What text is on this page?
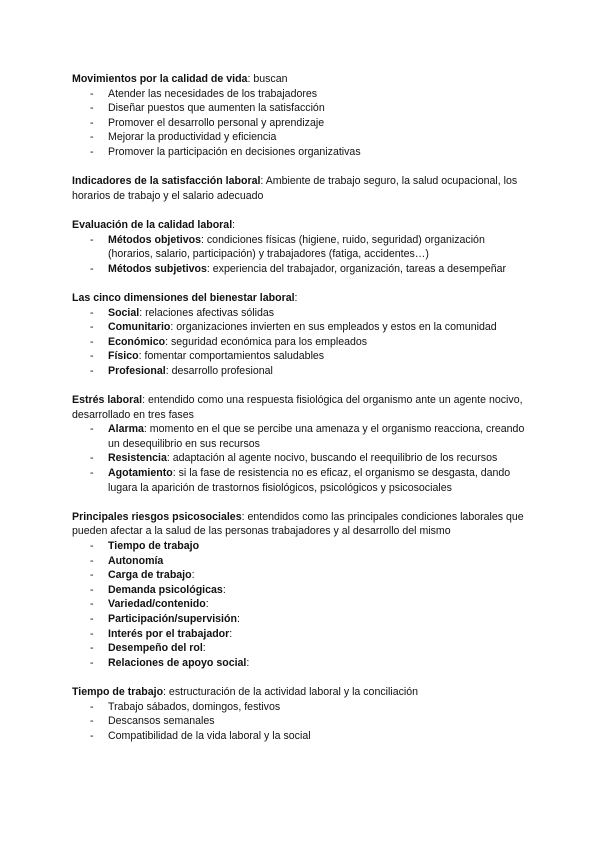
Movimientos por la calidad de vida: buscan

- Atender las necesidades de los trabajadores
- Diseñar puestos que aumenten la satisfacción
- Promover el desarrollo personal y aprendizaje
- Mejorar la productividad y eficiencia
- Promover la participación en decisiones organizativas

Indicadores de la satisfacción laboral: Ambiente de trabajo seguro, la salud ocupacional, los horarios de trabajo y el salario adecuado

Evaluación de la calidad laboral:

- Métodos objetivos: condiciones físicas (higiene, ruido, seguridad) organización (horarios, salario, participación) y trabajadores (fatiga, accidentes…)
- Métodos subjetivos: experiencia del trabajador, organización, tareas a desempeñar

Las cinco dimensiones del bienestar laboral:

- Social: relaciones afectivas sólidas
- Comunitario: organizaciones invierten en sus empleados y estos en la comunidad
- Económico: seguridad económica para los empleados
- Físico: fomentar comportamientos saludables
- Profesional: desarrollo profesional

Estrés laboral: entendido como una respuesta fisiológica del organismo ante un agente nocivo, desarrollado en tres fases

- Alarma: momento en el que se percibe una amenaza y el organismo reacciona, creando un desequilibrio en sus recursos
- Resistencia: adaptación al agente nocivo, buscando el reequilibrio de los recursos
- Agotamiento: si la fase de resistencia no es eficaz, el organismo se desgasta, dando lugara la aparición de trastornos fisiológicos, psicológicos y psicosociales

Principales riesgos psicosociales: entendidos como las principales condiciones laborales que pueden afectar a la salud de las personas trabajadores y al desarrollo del mismo

- Tiempo de trabajo
- Autonomía
- Carga de trabajo:
- Demanda psicológicas:
- Variedad/contenido:
- Participación/supervisión:
- Interés por el trabajador:
- Desempeño del rol:
- Relaciones de apoyo social:

Tiempo de trabajo: estructuración de la actividad laboral y la conciliación

- Trabajo sábados, domingos, festivos
- Descansos semanales
- Compatibilidad de la vida laboral y la social
